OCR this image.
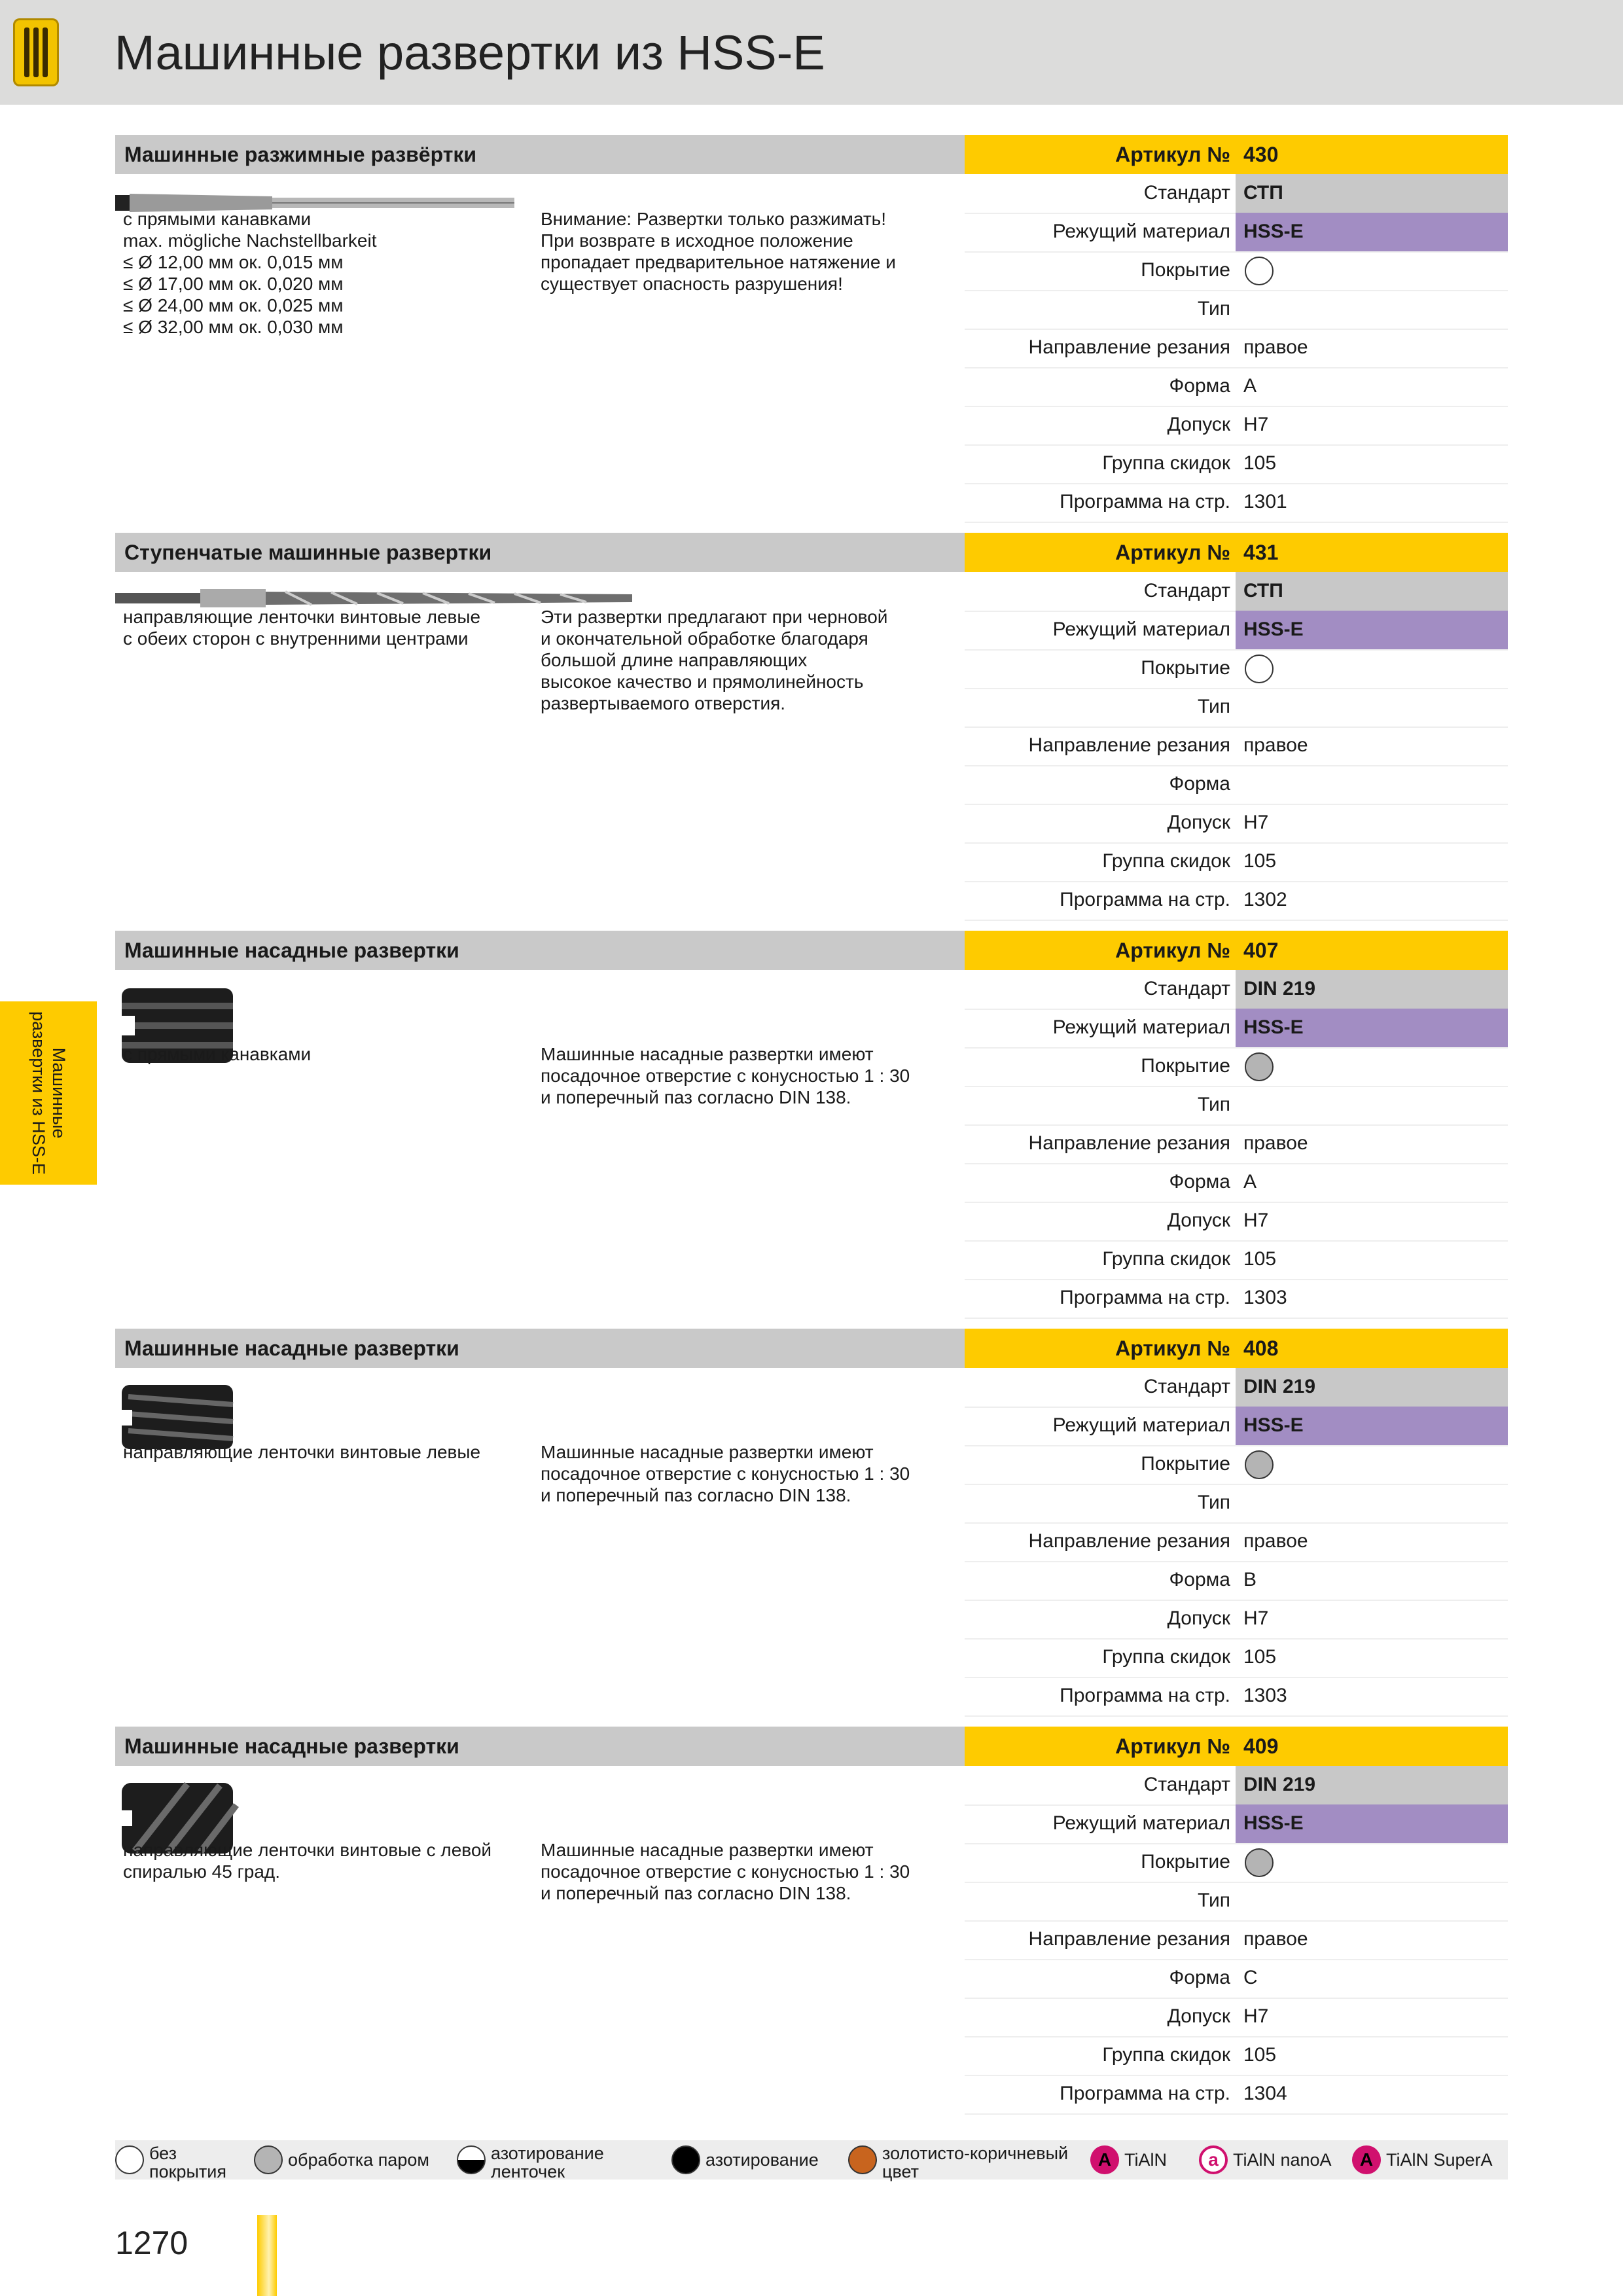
Машинные развертки из HSS-E
Машинные
развертки из HSS-E
Машинные разжимные развёртки	Артикул № 430
Стандарт СТП
Режущий материал HSS-E
Покрытие
Тип
Направление резания правое
Форма A
Допуск H7
Группа скидок 105
Программа на стр. 1301
с прямыми канавками
max. mögliche Nachstellbarkeit
≤ Ø 12,00 мм ок. 0,015 мм
≤ Ø 17,00 мм ок. 0,020 мм
≤ Ø 24,00 мм ок. 0,025 мм
≤ Ø 32,00 мм ок. 0,030 мм
Внимание: Развертки только разжимать!
При возврате в исходное положение
пропадает предварительное натяжение и
существует опасность разрушения!
Ступенчатые машинные развертки	Артикул № 431
Стандарт СТП
Режущий материал HSS-E
Покрытие
Тип
Направление резания правое
Форма
Допуск H7
Группа скидок 105
Программа на стр. 1302
направляющие ленточки винтовые левые
с обеих сторон с внутренними центрами
Эти развертки предлагают при черновой
и окончательной обработке благодаря
большой длине направляющих
высокое качество и прямолинейность
развертываемого отверстия.
Машинные насадные развертки	Артикул № 407
Стандарт DIN 219
Режущий материал HSS-E
Покрытие
Тип
Направление резания правое
Форма A
Допуск H7
Группа скидок 105
Программа на стр. 1303
с прямыми канавками	Машинные насадные развертки имеют
посадочное отверстие с конусностью 1 : 30
и поперечный паз согласно DIN 138.
Машинные насадные развертки	Артикул № 408
Стандарт DIN 219
Режущий материал HSS-E
Покрытие
Тип
Направление резания правое
Форма B
Допуск H7
Группа скидок 105
Программа на стр. 1303
направляющие ленточки винтовые левые	Машинные насадные развертки имеют
посадочное отверстие с конусностью 1 : 30
и поперечный паз согласно DIN 138.
Машинные насадные развертки	Артикул № 409
Стандарт DIN 219
Режущий материал HSS-E
Покрытие
Тип
Направление резания правое
Форма C
Допуск H7
Группа скидок 105
Программа на стр. 1304
направляющие ленточки винтовые с левой
спиралью 45 град.
Машинные насадные развертки имеют
посадочное отверстие с конусностью 1 : 30
и поперечный паз согласно DIN 138.
без
покрытия
обработка паром	азотирование
ленточек
азотирование	золотисто-коричневый
цвет
A TiAlN	a TiAlN nanoA	A TiAlN SuperA
1270
